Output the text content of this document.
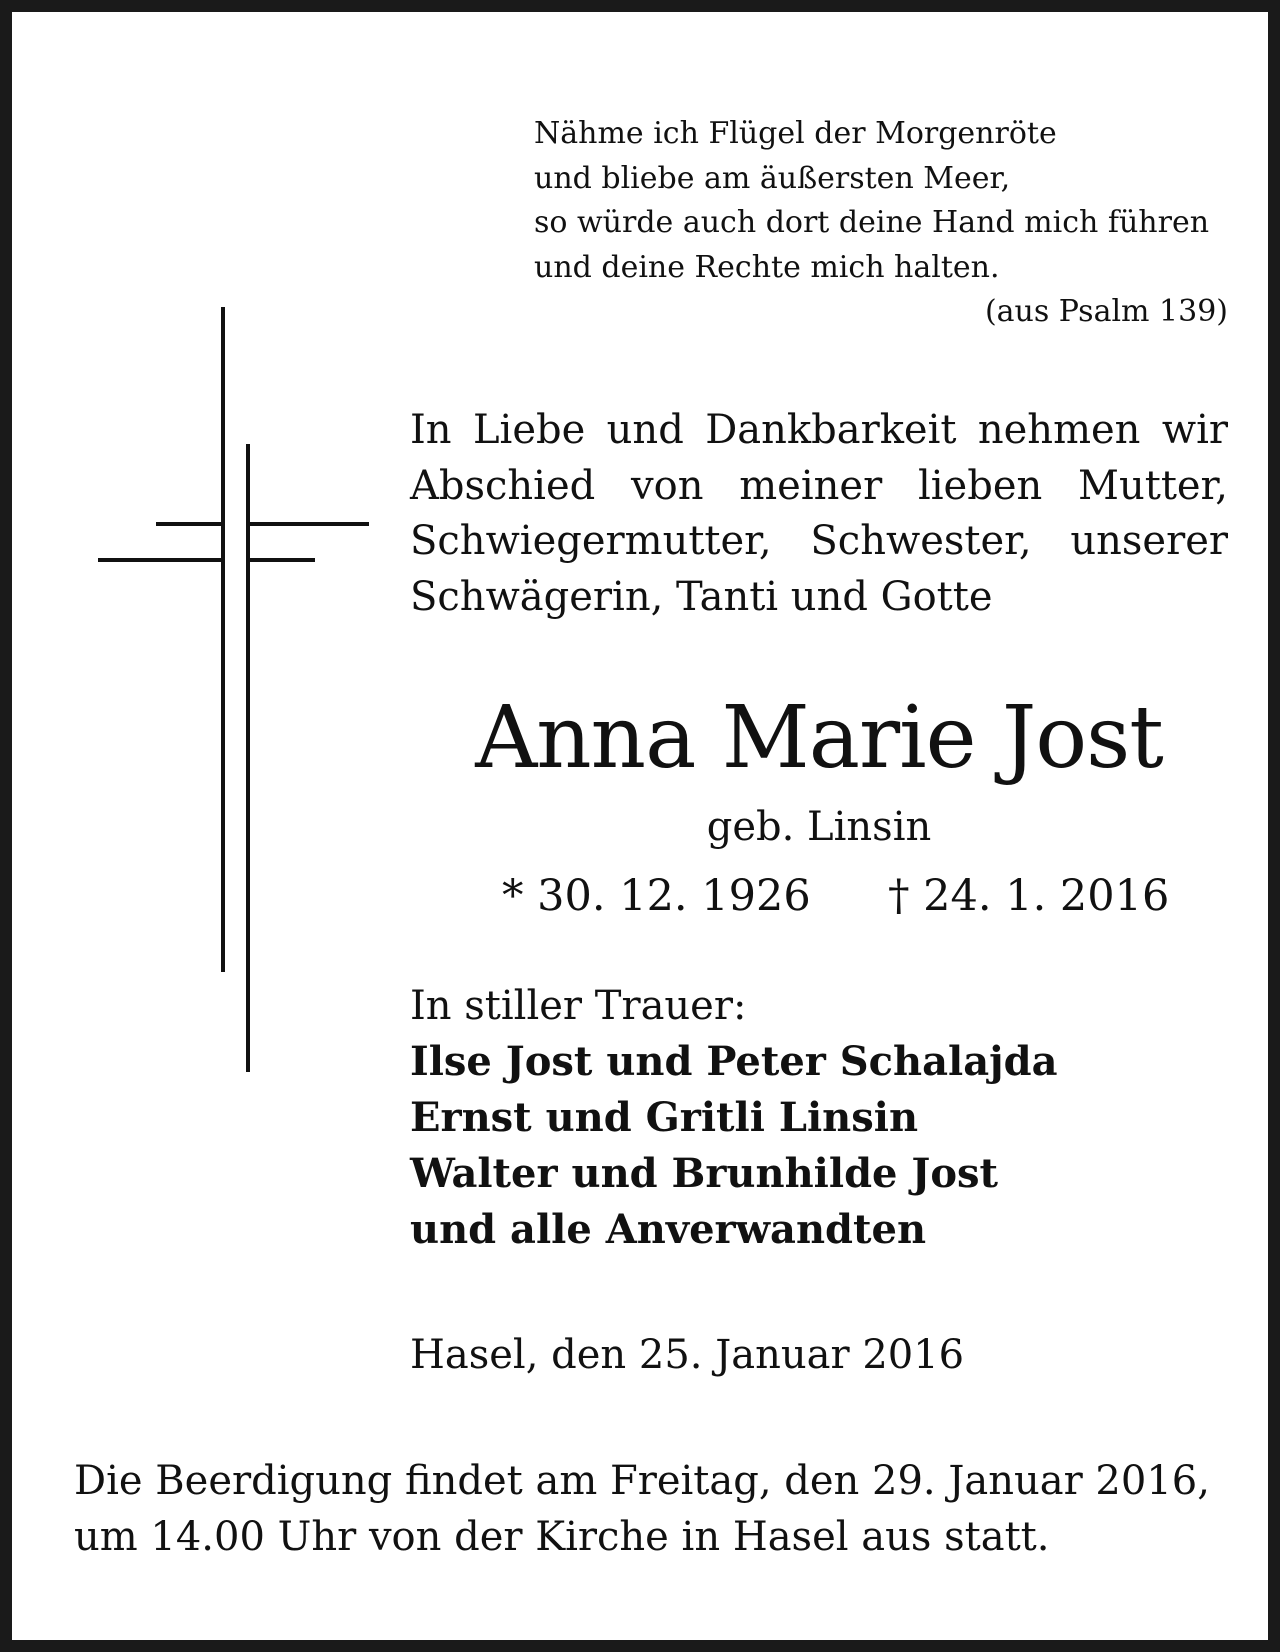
Nähme ich Flügel der Morgenröte
und bliebe am äußersten Meer,
so würde auch dort deine Hand mich führen
und deine Rechte mich halten.
(aus Psalm 139)
In Liebe und Dankbarkeit nehmen wir Abschied von meiner lieben Mutter, Schwiegermutter, Schwester, unserer Schwägerin, Tanti und Gotte
Anna Marie Jost
geb. Linsin
* 30. 12. 1926 † 24. 1. 2016
In stiller Trauer:
Ilse Jost und Peter Schalajda
Ernst und Gritli Linsin
Walter und Brunhilde Jost
und alle Anverwandten
Hasel, den 25. Januar 2016
Die Beerdigung findet am Freitag, den 29. Januar 2016, um 14.00 Uhr von der Kirche in Hasel aus statt.
